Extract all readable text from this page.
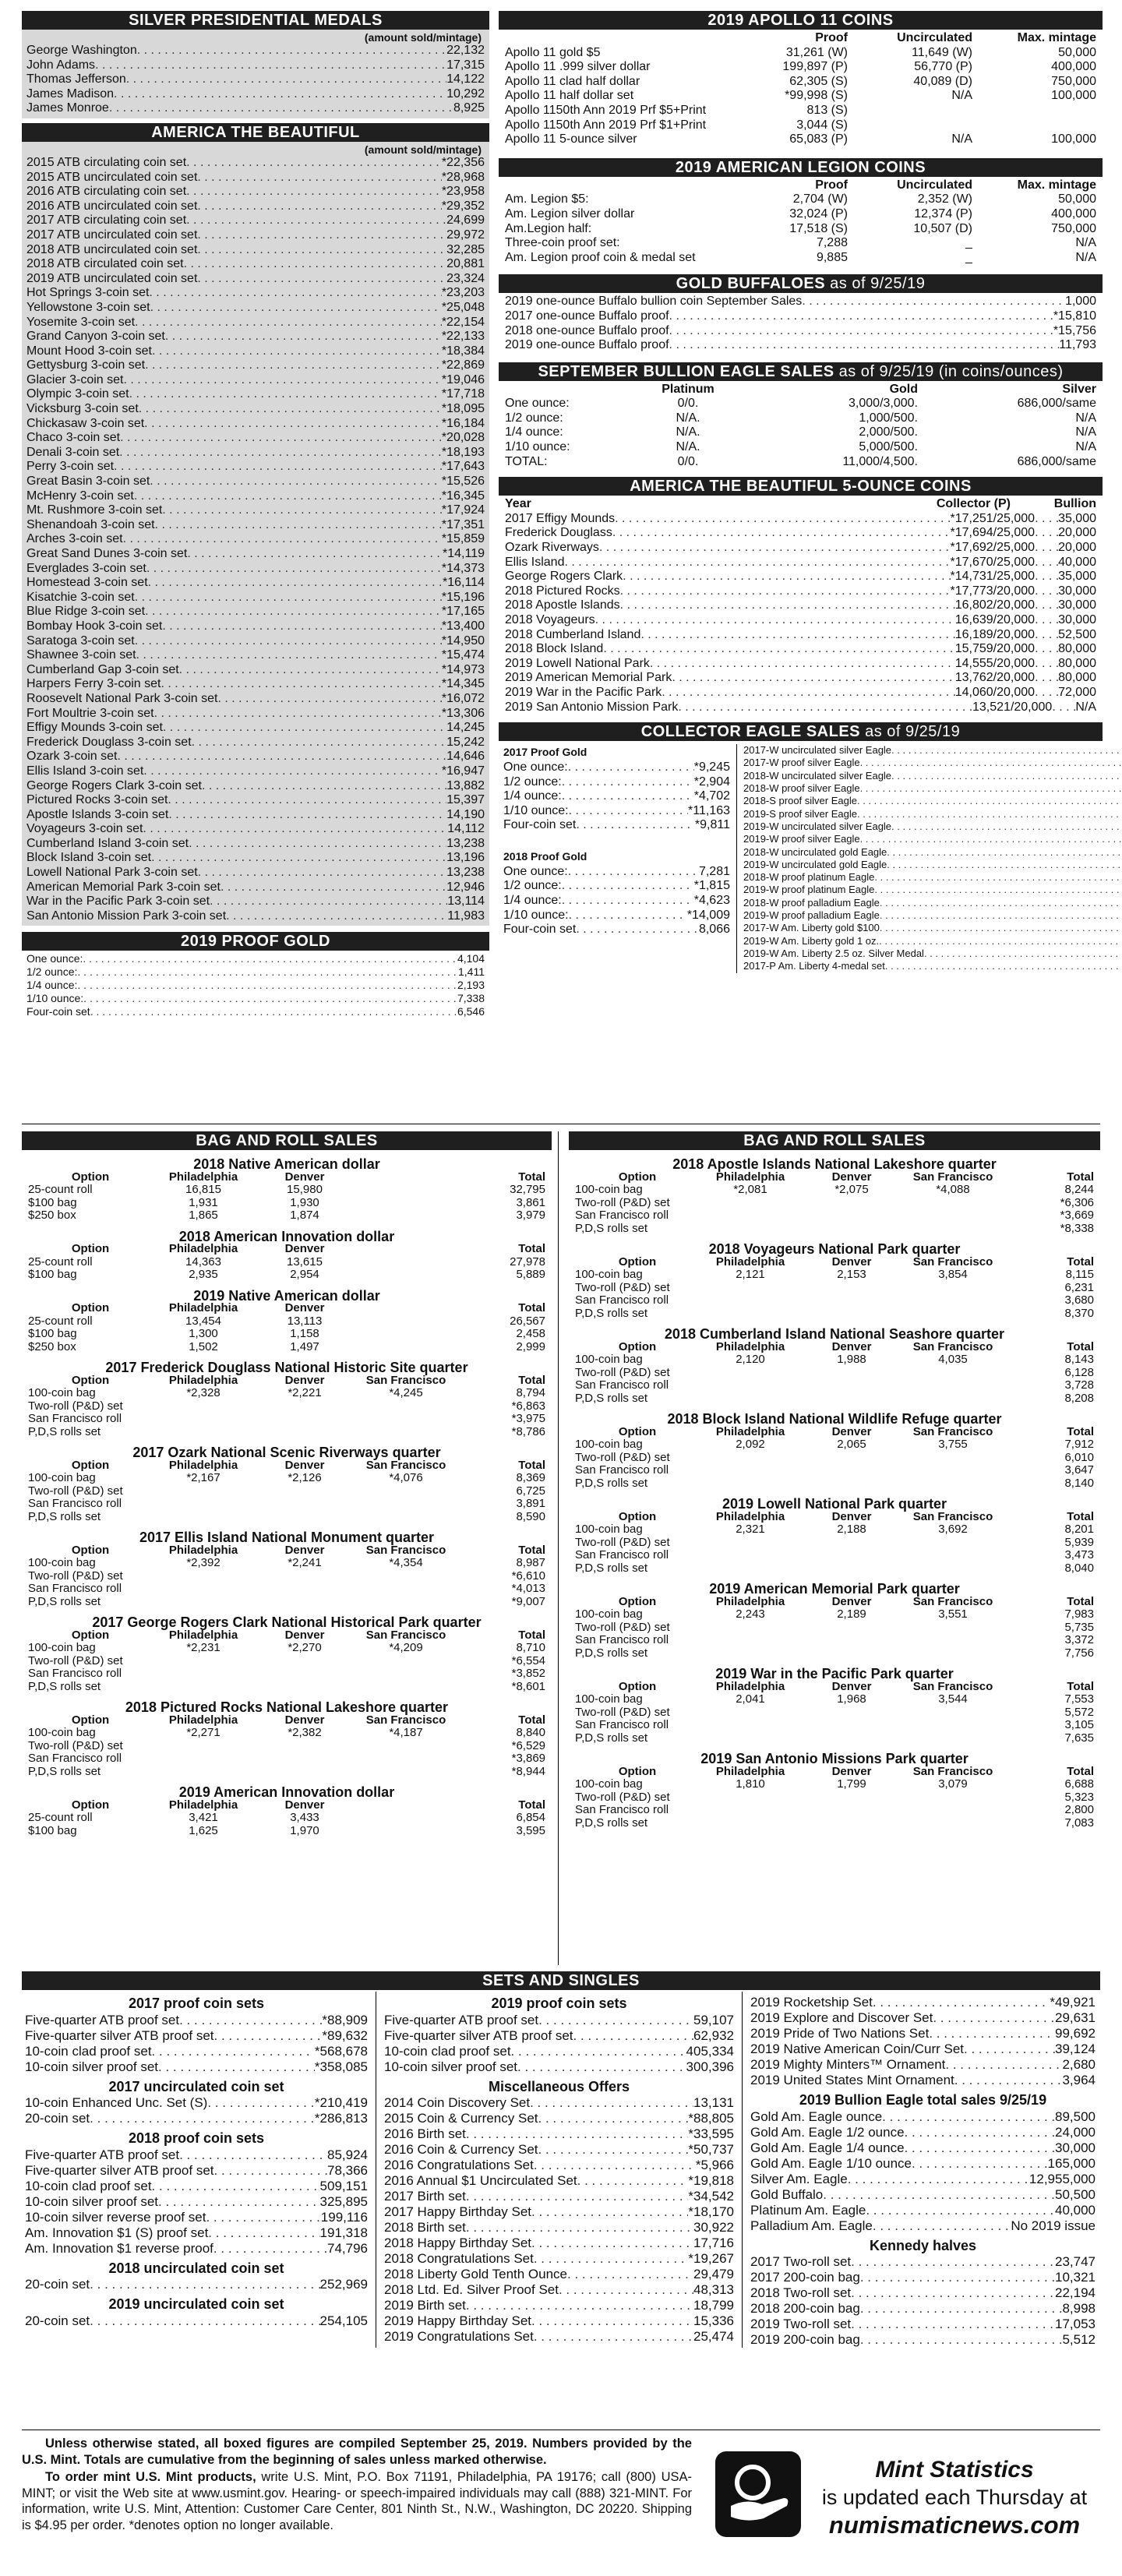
SILVER PRESIDENTIAL MEDALS
(amount sold/mintage)
George Washington . . .	22,132
John Adams . . .	17,315
Thomas Jefferson . . .	14,122
James Madison . . .	10,292
James Monroe . . .	8,925
AMERICA THE BEAUTIFUL
(amount sold/mintage)
2015 ATB circulating coin set . . .	*22,356
2015 ATB uncirculated coin set . . .	*28,968
2016 ATB circulating coin set . . .	*23,958
2016 ATB uncirculated coin set . . .	*29,352
2017 ATB circulating coin set . . .	24,699
2017 ATB uncirculated coin set . . .	29,972
2018 ATB uncirculated coin set . . .	32,285
2018 ATB circulated coin set . . .	20,881
2019 ATB uncirculated coin set . . .	23,324
Hot Springs 3-coin set . . .	*23,203
Yellowstone 3-coin set . . .	*25,048
Yosemite 3-coin set . . .	*22,154
Grand Canyon 3-coin set . . .	*22,133
Mount Hood 3-coin set . . .	*18,384
Gettysburg 3-coin set . . .	*22,869
Glacier 3-coin set . . .	*19,046
Olympic 3-coin set . . .	*17,718
Vicksburg 3-coin set . . .	*18,095
Chickasaw 3-coin set . . .	*16,184
Chaco 3-coin set . . .	*20,028
Denali 3-coin set . . .	*18,193
Perry 3-coin set . . .	*17,643
Great Basin 3-coin set . . .	*15,526
McHenry 3-coin set . . .	*16,345
Mt. Rushmore 3-coin set . . .	*17,924
Shenandoah 3-coin set . . .	*17,351
Arches 3-coin set . . .	*15,859
Great Sand Dunes 3-coin set . . .	*14,119
Everglades 3-coin set . . .	*14,373
Homestead 3-coin set . . .	*16,114
Kisatchie 3-coin set . . .	*15,196
Blue Ridge 3-coin set . . .	*17,165
Bombay Hook 3-coin set . . .	*13,400
Saratoga 3-coin set . . .	*14,950
Shawnee 3-coin set . . .	*15,474
Cumberland Gap 3-coin set . . .	*14,973
Harpers Ferry 3-coin set . . .	*14,345
Roosevelt National Park 3-coin set . . .	*16,072
Fort Moultrie 3-coin set . . .	*13,306
Effigy Mounds 3-coin set . . .	14,245
Frederick Douglass 3-coin set . . .	15,242
Ozark 3-coin set . . .	14,646
Ellis Island 3-coin set . . .	*16,947
George Rogers Clark 3-coin set . . .	13,882
Pictured Rocks 3-coin set . . .	15,397
Apostle Islands 3-coin set . . .	14,190
Voyageurs 3-coin set . . .	14,112
Cumberland Island 3-coin set . . .	13,238
Block Island 3-coin set . . .	13,196
Lowell National Park 3-coin set . . .	13,238
American Memorial Park 3-coin set . . .	12,946
War in the Pacific Park 3-coin set . . .	13,114
San Antonio Mission Park 3-coin set . . .	11,983
2019 PROOF GOLD
One ounce: . . .	4,104
1/2 ounce: . . .	1,411
1/4 ounce: . . .	2,193
1/10 ounce: . . .	7,338
Four-coin set . . .	6,546
2019 APOLLO 11 COINS
Proof	Uncirculated	Max. mintage
Apollo 11 gold $5	31,261 (W)	11,649 (W)	50,000
Apollo 11 .999 silver dollar	199,897 (P)	56,770 (P)	400,000
Apollo 11 clad half dollar	62,305 (S)	40,089 (D)	750,000
Apollo 11 half dollar set	*99,998 (S)	N/A	100,000
Apollo 1150th Ann 2019 Prf $5+Print	813 (S)
Apollo 1150th Ann 2019 Prf $1+Print	3,044 (S)
Apollo 11 5-ounce silver	65,083 (P)	N/A	100,000
2019 AMERICAN LEGION COINS
Proof	Uncirculated	Max. mintage
Am. Legion $5:	2,704 (W)	2,352 (W)	50,000
Am. Legion silver dollar	32,024 (P)	12,374 (P)	400,000
Am.Legion half:	17,518 (S)	10,507 (D)	750,000
Three-coin proof set:	7,288	_	N/A
Am. Legion proof coin & medal set	9,885	_	N/A
GOLD BUFFALOES as of 9/25/19
2019 one-ounce Buffalo bullion coin September Sales . . .	1,000
2017 one-ounce Buffalo proof . . .	*15,810
2018 one-ounce Buffalo proof . . .	*15,756
2019 one-ounce Buffalo proof . . .	11,793
SEPTEMBER BULLION EAGLE SALES as of 9/25/19 (in coins/ounces)
Platinum	Gold	Silver
One ounce:	0/0.	3,000/3,000.	686,000/same
1/2 ounce:	N/A.	1,000/500.	N/A
1/4 ounce:	N/A.	2,000/500.	N/A
1/10 ounce:	N/A.	5,000/500.	N/A
TOTAL:	0/0.	11,000/4,500.	686,000/same
AMERICA THE BEAUTIFUL 5-OUNCE COINS
Year	Collector (P)	Bullion
2017 Effigy Mounds . . .	*17,251/25,000 . . . 35,000
Frederick Douglass . . .	*17,694/25,000 . . . 20,000
Ozark Riverways . . .	*17,692/25,000 . . . 20,000
Ellis Island . . .	*17,670/25,000 . . . 40,000
George Rogers Clark . . .	*14,731/25,000 . . . 35,000
2018 Pictured Rocks . . .	*17,773/20,000 . . . 30,000
2018 Apostle Islands . . .	16,802/20,000 . . . 30,000
2018 Voyageurs . . .	16,639/20,000 . . . 30,000
2018 Cumberland Island . . .	16,189/20,000 . . . 52,500
2018 Block Island . . .	15,759/20,000 . . . 80,000
2019 Lowell National Park . . .	14,555/20,000 . . . 80,000
2019 American Memorial Park . . .	13,762/20,000 . . . 80,000
2019 War in the Pacific Park . . .	14,060/20,000 . . . 72,000
2019 San Antonio Mission Park . . .	13,521/20,000 . . . N/A
COLLECTOR EAGLE SALES as of 9/25/19
2017 Proof Gold
One ounce: . . .	*9,245
1/2 ounce: . . .	*2,904
1/4 ounce: . . .	*4,702
1/10 ounce: . . .	*11,163
Four-coin set . . .	*9,811
2018 Proof Gold
One ounce: . . .	7,281
1/2 ounce: . . .	*1,815
1/4 ounce: . . .	*4,623
1/10 ounce: . . .	*14,009
Four-coin set . . .	8,066
2017-W uncirculated silver Eagle
. . .
2017-W proof silver Eagle
. . .
2018-W uncirculated silver Eagle
. . .
2018-W proof silver Eagle
. . .
2018-S proof silver Eagle
. . .
2019-S proof silver Eagle
. . .
2019-W uncirculated silver Eagle
. . .
2019-W proof silver Eagle
. . .
2018-W uncirculated gold Eagle
. . .
2019-W uncirculated gold Eagle
. . .
2018-W proof platinum Eagle
. . .
2019-W proof platinum Eagle
. . .
2018-W proof palladium Eagle
. . .
2019-W proof palladium Eagle
. . .
2017-W Am. Liberty gold $100
. . .
2019-W Am. Liberty gold 1 oz.
. . .
2019-W Am. Liberty 2.5 oz. Silver Medal
. . .
2017-P Am. Liberty 4-medal set
. . .
BAG AND ROLL SALES
2018 Native American dollar
Option	Philadelphia	Denver	Total
25-count roll	16,815	15,980	32,795
$100 bag	1,931	1,930	3,861
$250 box	1,865	1,874	3,979
2018 American Innovation dollar
Option	Philadelphia	Denver	Total
25-count roll	14,363	13,615	27,978
$100 bag	2,935	2,954	5,889
2019 Native American dollar
Option	Philadelphia	Denver	Total
25-count roll	13,454	13,113	26,567
$100 bag	1,300	1,158	2,458
$250 box	1,502	1,497	2,999
2017 Frederick Douglass National Historic Site quarter
Option	Philadelphia	Denver	San Francisco	Total
100-coin bag	*2,328	*2,221	*4,245	8,794
Two-roll (P&D) set	*6,863
San Francisco roll	*3,975
P,D,S rolls set	*8,786
2017 Ozark National Scenic Riverways quarter
Option	Philadelphia	Denver	San Francisco	Total
100-coin bag	*2,167	*2,126	*4,076	8,369
Two-roll (P&D) set	6,725
San Francisco roll	3,891
P,D,S rolls set	8,590
2017 Ellis Island National Monument quarter
Option	Philadelphia	Denver	San Francisco	Total
100-coin bag	*2,392	*2,241	*4,354	8,987
Two-roll (P&D) set	*6,610
San Francisco roll	*4,013
P,D,S rolls set	*9,007
2017 George Rogers Clark National Historical Park quarter
Option	Philadelphia	Denver	San Francisco	Total
100-coin bag	*2,231	*2,270	*4,209	8,710
Two-roll (P&D) set	*6,554
San Francisco roll	*3,852
P,D,S rolls set	*8,601
2018 Pictured Rocks National Lakeshore quarter
Option	Philadelphia	Denver	San Francisco	Total
100-coin bag	*2,271	*2,382	*4,187	8,840
Two-roll (P&D) set	*6,529
San Francisco roll	*3,869
P,D,S rolls set	*8,944
2019 American Innovation dollar
Option	Philadelphia	Denver	Total
25-count roll	3,421	3,433	6,854
$100 bag	1,625	1,970	3,595
BAG AND ROLL SALES
2018 Apostle Islands National Lakeshore quarter
Option	Philadelphia	Denver	San Francisco	Total
100-coin bag	*2,081	*2,075	*4,088	8,244
Two-roll (P&D) set	*6,306
San Francisco roll	*3,669
P,D,S rolls set	*8,338
2018 Voyageurs National Park quarter
Option	Philadelphia	Denver	San Francisco	Total
100-coin bag	2,121	2,153	3,854	8,115
Two-roll (P&D) set	6,231
San Francisco roll	3,680
P,D,S rolls set	8,370
2018 Cumberland Island National Seashore quarter
Option	Philadelphia	Denver	San Francisco	Total
100-coin bag	2,120	1,988	4,035	8,143
Two-roll (P&D) set	6,128
San Francisco roll	3,728
P,D,S rolls set	8,208
2018 Block Island National Wildlife Refuge quarter
Option	Philadelphia	Denver	San Francisco	Total
100-coin bag	2,092	2,065	3,755	7,912
Two-roll (P&D) set	6,010
San Francisco roll	3,647
P,D,S rolls set	8,140
2019 Lowell National Park quarter
Option	Philadelphia	Denver	San Francisco	Total
100-coin bag	2,321	2,188	3,692	8,201
Two-roll (P&D) set	5,939
San Francisco roll	3,473
P,D,S rolls set	8,040
2019 American Memorial Park quarter
Option	Philadelphia	Denver	San Francisco	Total
100-coin bag	2,243	2,189	3,551	7,983
Two-roll (P&D) set	5,735
San Francisco roll	3,372
P,D,S rolls set	7,756
2019 War in the Pacific Park quarter
Option	Philadelphia	Denver	San Francisco	Total
100-coin bag	2,041	1,968	3,544	7,553
Two-roll (P&D) set	5,572
San Francisco roll	3,105
P,D,S rolls set	7,635
2019 San Antonio Missions Park quarter
Option	Philadelphia	Denver	San Francisco	Total
100-coin bag	1,810	1,799	3,079	6,688
Two-roll (P&D) set	5,323
San Francisco roll	2,800
P,D,S rolls set	7,083
SETS AND SINGLES
2017 proof coin sets
Five-quarter ATB proof set . . .	*88,909
Five-quarter silver ATB proof set . . .	*89,632
10-coin clad proof set . . .	*568,678
10-coin silver proof set . . .	*358,085
2017 uncirculated coin set
10-coin Enhanced Unc. Set (S) . . .	*210,419
20-coin set . . .	*286,813
2018 proof coin sets
Five-quarter ATB proof set . . .	85,924
Five-quarter silver ATB proof set . . .	78,366
10-coin clad proof set . . .	509,151
10-coin silver proof set . . .	325,895
10-coin silver reverse proof set . . .	199,116
Am. Innovation $1 (S) proof set . . .	191,318
Am. Innovation $1 reverse proof . . .	74,796
2018 uncirculated coin set
20-coin set . . .	252,969
2019 uncirculated coin set
20-coin set . . .	254,105
2019 proof coin sets
Five-quarter ATB proof set . . .	59,107
Five-quarter silver ATB proof set . . .	62,932
10-coin clad proof set . . .	405,334
10-coin silver proof set . . .	300,396
Miscellaneous Offers
2014 Coin Discovery Set . . .	13,131
2015 Coin & Currency Set . . .	*88,805
2016 Birth set . . .	*33,595
2016 Coin & Currency Set . . .	*50,737
2016 Congratulations Set . . .	*5,966
2016 Annual $1 Uncirculated Set . . .	*19,818
2017 Birth set . . .	*34,542
2017 Happy Birthday Set . . .	*18,170
2018 Birth set . . .	30,922
2018 Happy Birthday Set . . .	17,716
2018 Congratulations Set . . .	*19,267
2018 Liberty Gold Tenth Ounce . . .	29,479
2018 Ltd. Ed. Silver Proof Set . . .	48,313
2019 Birth set . . .	18,799
2019 Happy Birthday Set . . .	15,336
2019 Congratulations Set . . .	25,474
2019 Rocketship Set . . .	*49,921
2019 Explore and Discover Set . . .	29,631
2019 Pride of Two Nations Set . . .	99,692
2019 Native American Coin/Curr Set . . .	39,124
2019 Mighty Minters™ Ornament . . .	2,680
2019 United States Mint Ornament . . .	3,964
2019 Bullion Eagle total sales 9/25/19
Gold Am. Eagle ounce . . .	89,500
Gold Am. Eagle 1/2 ounce . . .	24,000
Gold Am. Eagle 1/4 ounce . . .	30,000
Gold Am. Eagle 1/10 ounce . . .	165,000
Silver Am. Eagle . . .	12,955,000
Gold Buffalo . . .	50,500
Platinum Am. Eagle . . .	40,000
Palladium Am. Eagle . . .	No 2019 issue
Kennedy halves
2017 Two-roll set . . .	23,747
2017 200-coin bag . . .	10,321
2018 Two-roll set . . .	22,194
2018 200-coin bag . . .	8,998
2019 Two-roll set . . .	17,053
2019 200-coin bag . . .	5,512

Unless otherwise stated, all boxed figures are compiled September 25, 2019. Numbers provided by the U.S. Mint. Totals are cumulative from the beginning of sales unless marked otherwise.

To order mint U.S. Mint products, write U.S. Mint, P.O. Box 71191, Philadelphia, PA 19176; call (800) USA-MINT; or visit the Web site at www.usmint.gov. Hearing- or speech-impaired individuals may call (888) 321-MINT. For information, write U.S. Mint, Attention: Customer Care Center, 801 Ninth St., N.W., Washington, DC 20220. Shipping is $4.95 per order. *denotes option no longer available.

Mint Statistics
is updated each Thursday at
numismaticnews.com
